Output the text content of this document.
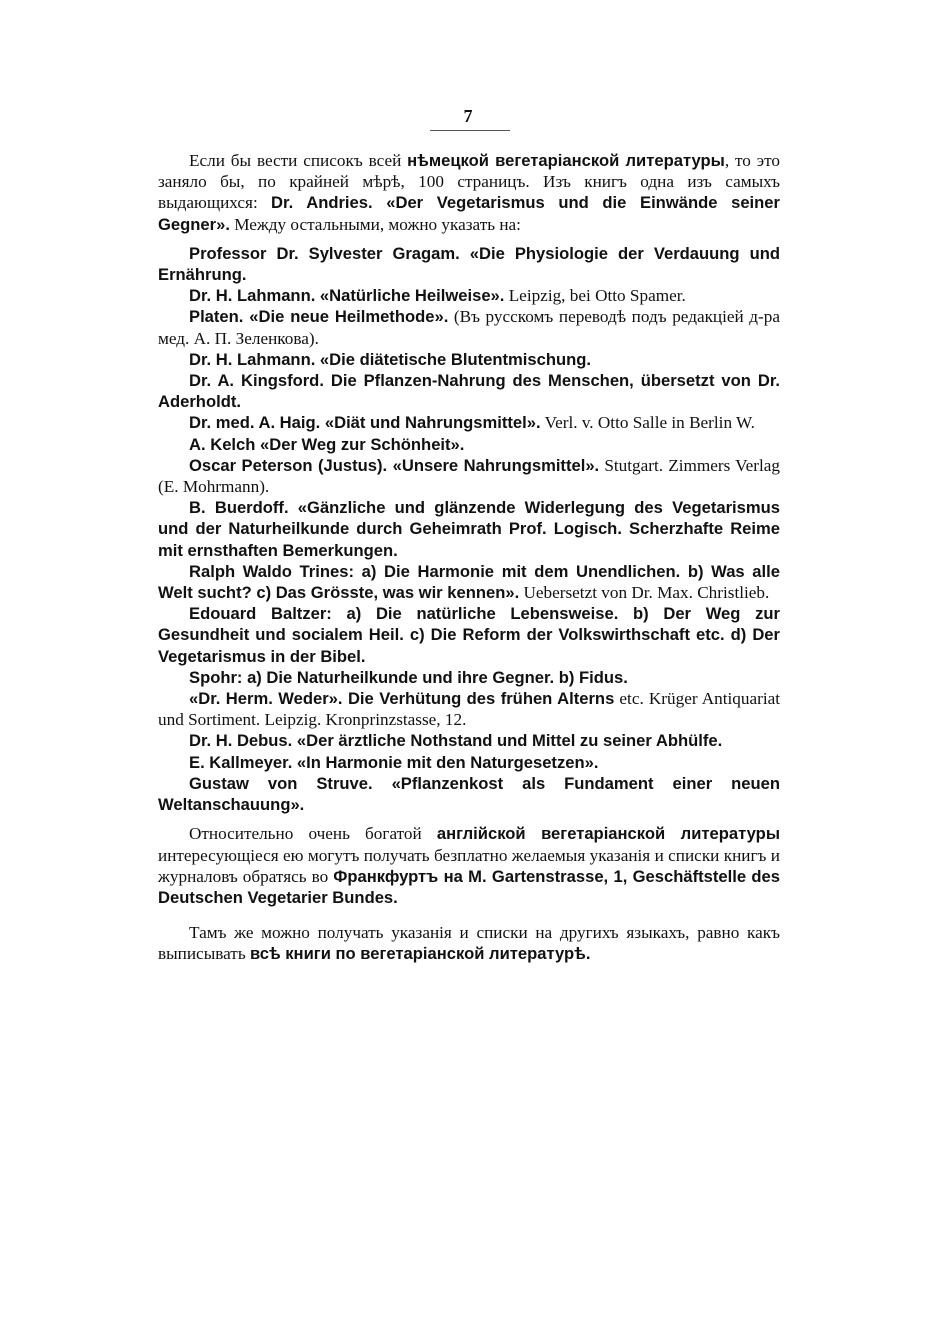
7

Если бы вести списокъ всей нѣмецкой вегетаріанской литературы, то это заняло бы, по крайней мѣрѣ, 100 страницъ. Изъ книгъ одна изъ самыхъ выдающихся: Dr. Andries. «Der Vegetarismus und die Einwände seiner Gegner». Между остальными, можно указать на:

Professor Dr. Sylvester Gragam. «Die Physiologie der Verdauung und Ernährung.

Dr. H. Lahmann. «Natürliche Heilweise». Leipzig, bei Otto Spamer.

Platen. «Die neue Heilmethode». (Въ русскомъ переводѣ подъ редакціей д-ра мед. А. П. Зеленкова).

Dr. H. Lahmann. «Die diätetische Blutentmischung.

Dr. A. Kingsford. Die Pflanzen-Nahrung des Menschen, übersetzt von Dr. Aderholdt.

Dr. med. A. Haig. «Diät und Nahrungsmittel». Verl. v. Otto Salle in Berlin W.

A. Kelch «Der Weg zur Schönheit».

Oscar Peterson (Justus). «Unsere Nahrungsmittel». Stutgart. Zimmers Verlag (E. Mohrmann).

B. Buerdoff. «Gänzliche und glänzende Widerlegung des Vegetarismus und der Naturheilkunde durch Geheimrath Prof. Logisch. Scherzhafte Reime mit ernsthaften Bemerkungen.

Ralph Waldo Trines: a) Die Harmonie mit dem Unendlichen. b) Was alle Welt sucht? c) Das Grösste, was wir kennen». Uebersetzt von Dr. Max. Christlieb.

Edouard Baltzer: a) Die natürliche Lebensweise. b) Der Weg zur Gesundheit und socialem Heil. c) Die Reform der Volkswirthschaft etc. d) Der Vegetarismus in der Bibel.

Spohr: a) Die Naturheilkunde und ihre Gegner. b) Fidus.

«Dr. Herm. Weder». Die Verhütung des frühen Alterns etc. Krüger Antiquariat und Sortiment. Leipzig. Kronprinzstasse, 12.

Dr. H. Debus. «Der ärztliche Nothstand und Mittel zu seiner Abhülfe.

E. Kallmeyer. «In Harmonie mit den Naturgesetzen».

Gustaw von Struve. «Pflanzenkost als Fundament einer neuen Weltanschauung».

Относительно очень богатой англійской вегетаріанской литературы интересующіеся ею могутъ получать безплатно желаемыя указанія и списки книгъ и журналовъ обратясь во Франкфуртъ на M. Gartenstrasse, 1, Geschäftstelle des Deutschen Vegetarier Bundes.

Тамъ же можно получать указанія и списки на другихъ языкахъ, равно какъ выписывать всѣ книги по вегетаріанской литературѣ.
